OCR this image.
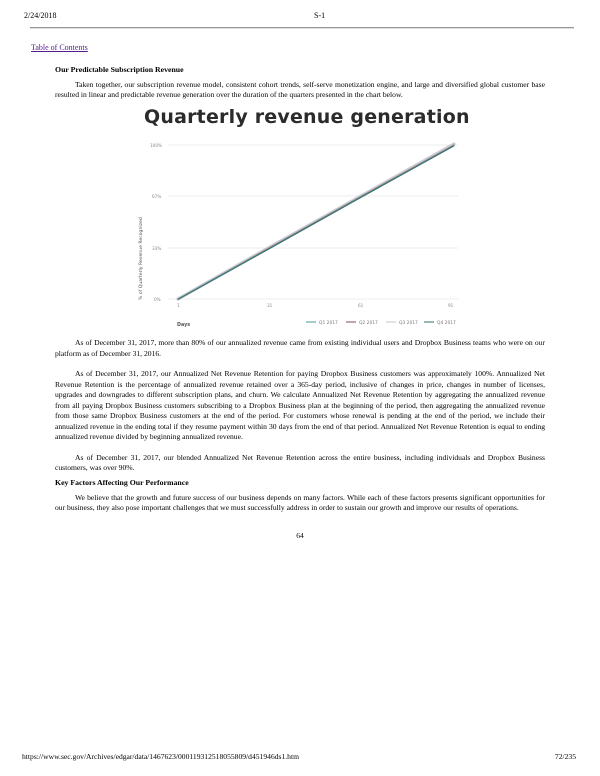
2/24/2018	S-1
Table of Contents
Our Predictable Subscription Revenue
Taken together, our subscription revenue model, consistent cohort trends, self-serve monetization engine, and large and diversified global customer base resulted in linear and predictable revenue generation over the duration of the quarters presented in the chart below.
Quarterly revenue generation
100%
67%
33%
0%
1	31	61	91
% of Quarterly Revenue Recognized
Days	Q1 2017	Q2 2017	Q3 2017	Q4 2017
As of December 31, 2017, more than 80% of our annualized revenue came from existing individual users and Dropbox Business teams who were on our platform as of December 31, 2016.
As of December 31, 2017, our Annualized Net Revenue Retention for paying Dropbox Business customers was approximately 100%. Annualized Net Revenue Retention is the percentage of annualized revenue retained over a 365-day period, inclusive of changes in price, changes in number of licenses, upgrades and downgrades to different subscription plans, and churn. We calculate Annualized Net Revenue Retention by aggregating the annualized revenue from all paying Dropbox Business customers subscribing to a Dropbox Business plan at the beginning of the period, then aggregating the annualized revenue from those same Dropbox Business customers at the end of the period. For customers whose renewal is pending at the end of the period, we include their annualized revenue in the ending total if they resume payment within 30 days from the end of that period. Annualized Net Revenue Retention is equal to ending annualized revenue divided by beginning annualized revenue.
As of December 31, 2017, our blended Annualized Net Revenue Retention across the entire business, including individuals and Dropbox Business customers, was over 90%.
Key Factors Affecting Our Performance
We believe that the growth and future success of our business depends on many factors. While each of these factors presents significant opportunities for our business, they also pose important challenges that we must successfully address in order to sustain our growth and improve our results of operations.
64
https://www.sec.gov/Archives/edgar/data/1467623/000119312518055809/d451946ds1.htm	72/235
